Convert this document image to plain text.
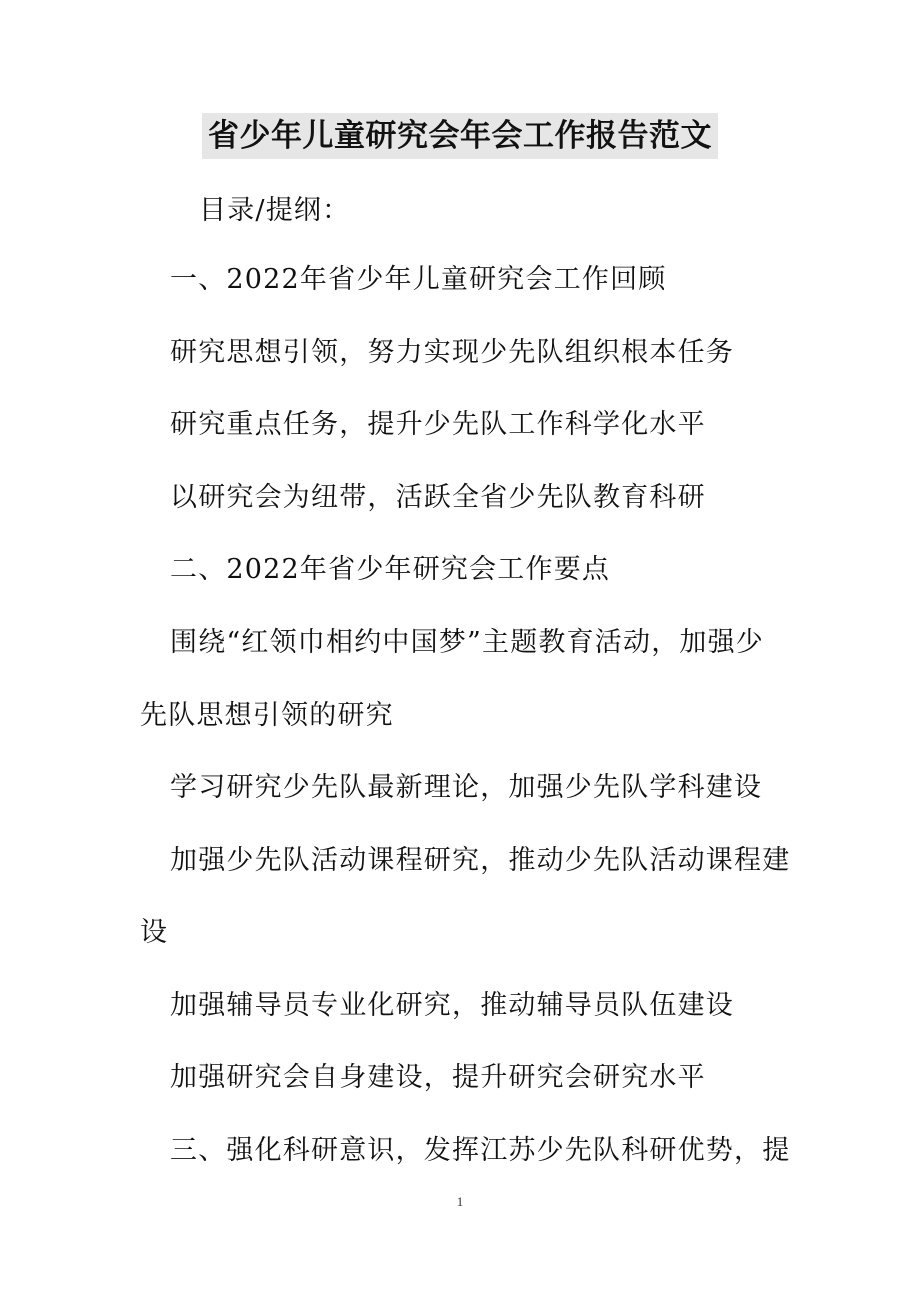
省少年儿童研究会年会工作报告范文
目录/提纲：
一、2022年省少年儿童研究会工作回顾
研究思想引领，努力实现少先队组织根本任务
研究重点任务，提升少先队工作科学化水平
以研究会为纽带，活跃全省少先队教育科研
二、2022年省少年研究会工作要点
围绕“红领巾相约中国梦”主题教育活动，加强少
先队思想引领的研究
学习研究少先队最新理论，加强少先队学科建设
加强少先队活动课程研究，推动少先队活动课程建
设
加强辅导员专业化研究，推动辅导员队伍建设
加强研究会自身建设，提升研究会研究水平
三、强化科研意识，发挥江苏少先队科研优势，提
1
